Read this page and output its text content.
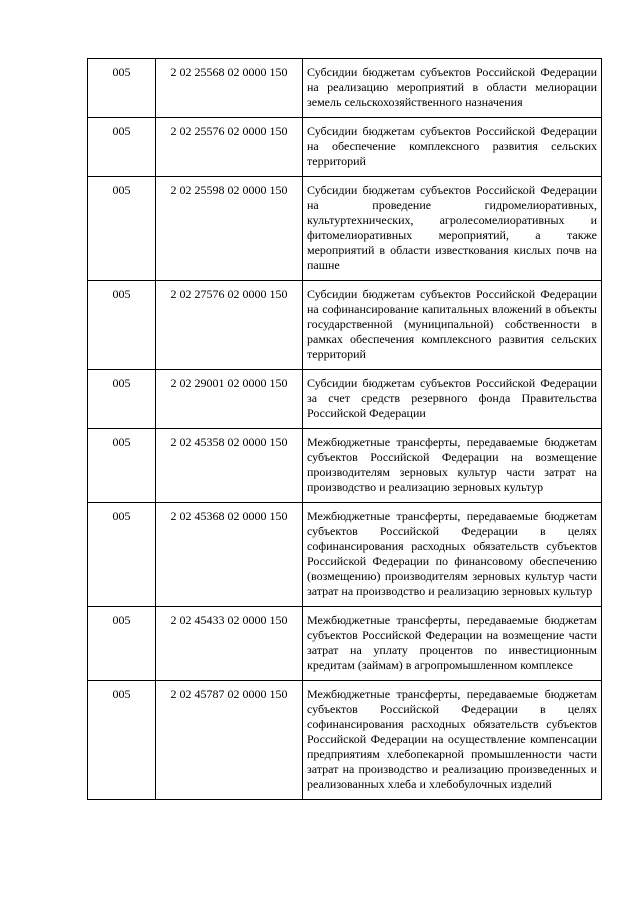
005	2 02 25568 02 0000 150	Субсидии бюджетам субъектов Российской Федерации на реализацию мероприятий в области мелиорации земель сельскохозяйственного назначения
005	2 02 25576 02 0000 150	Субсидии бюджетам субъектов Российской Федерации на обеспечение комплексного развития сельских территорий
005	2 02 25598 02 0000 150	Субсидии бюджетам субъектов Российской Федерации на проведение гидромелиоративных, культуртехнических, агролесомелиоративных и фитомелиоративных мероприятий, а также мероприятий в области известкования кислых почв на пашне
005	2 02 27576 02 0000 150	Субсидии бюджетам субъектов Российской Федерации на софинансирование капитальных вложений в объекты государственной (муниципальной) собственности в рамках обеспечения комплексного развития сельских территорий
005	2 02 29001 02 0000 150	Субсидии бюджетам субъектов Российской Федерации за счет средств резервного фонда Правительства Российской Федерации
005	2 02 45358 02 0000 150	Межбюджетные трансферты, передаваемые бюджетам субъектов Российской Федерации на возмещение производителям зерновых культур части затрат на производство и реализацию зерновых культур
005	2 02 45368 02 0000 150	Межбюджетные трансферты, передаваемые бюджетам субъектов Российской Федерации в целях софинансирования расходных обязательств субъектов Российской Федерации по финансовому обеспечению (возмещению) производителям зерновых культур части затрат на производство и реализацию зерновых культур
005	2 02 45433 02 0000 150	Межбюджетные трансферты, передаваемые бюджетам субъектов Российской Федерации на возмещение части затрат на уплату процентов по инвестиционным кредитам (займам) в агропромышленном комплексе
005	2 02 45787 02 0000 150	Межбюджетные трансферты, передаваемые бюджетам субъектов Российской Федерации в целях софинансирования расходных обязательств субъектов Российской Федерации на осуществление компенсации предприятиям хлебопекарной промышленности части затрат на производство и реализацию произведенных и реализованных хлеба и хлебобулочных изделий
